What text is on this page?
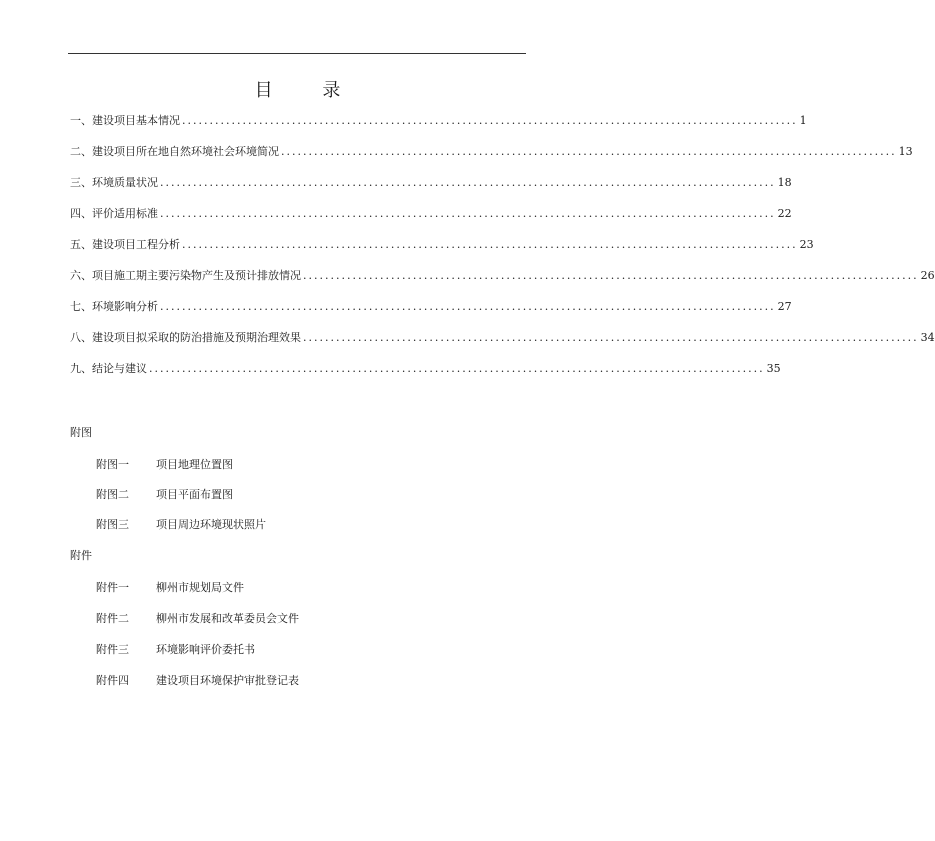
目 录
一、建设项目基本情况 ................................................................................................................ 1
二、建设项目所在地自然环境社会环境简况 ................................................................................................................ 13
三、环境质量状况 ................................................................................................................ 18
四、评价适用标准 ................................................................................................................ 22
五、建设项目工程分析 ................................................................................................................ 23
六、项目施工期主要污染物产生及预计排放情况 ................................................................................................................ 26
七、环境影响分析 ................................................................................................................ 27
八、建设项目拟采取的防治措施及预期治理效果 ................................................................................................................ 34
九、结论与建议 ................................................................................................................ 35
附图
附图一 项目地理位置图
附图二 项目平面布置图
附图三 项目周边环境现状照片
附件
附件一 柳州市规划局文件
附件二 柳州市发展和改革委员会文件
附件三 环境影响评价委托书
附件四 建设项目环境保护审批登记表
